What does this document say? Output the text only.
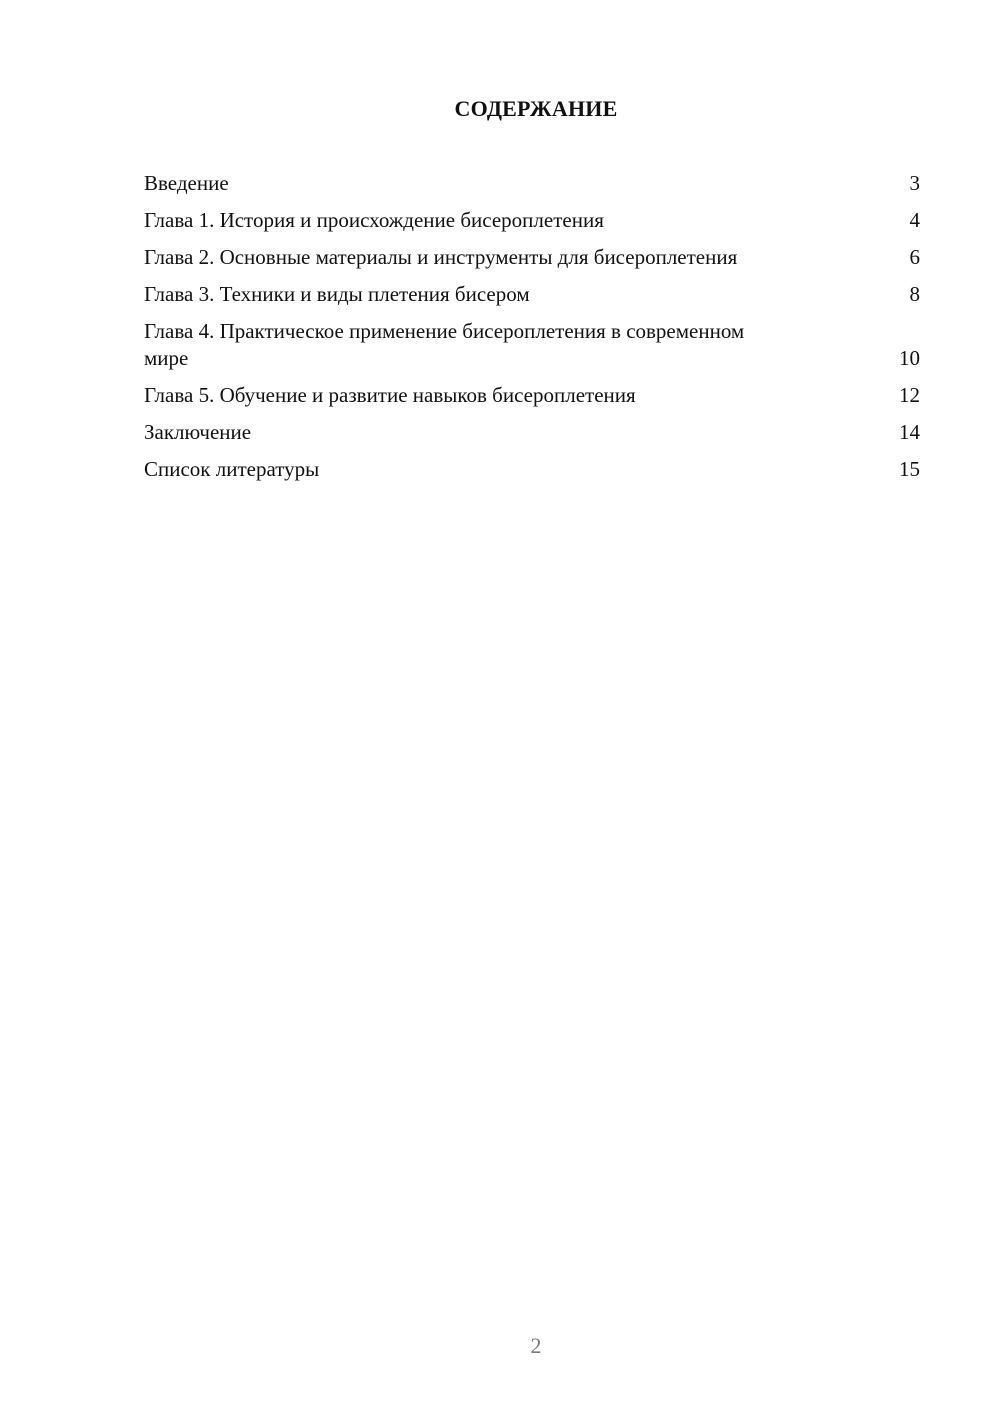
СОДЕРЖАНИЕ
Введение	3
Глава 1. История и происхождение бисероплетения	4
Глава 2. Основные материалы и инструменты для бисероплетения	6
Глава 3. Техники и виды плетения бисером	8
Глава 4. Практическое применение бисероплетения в современном мире	10
Глава 5. Обучение и развитие навыков бисероплетения	12
Заключение	14
Список литературы	15
2
